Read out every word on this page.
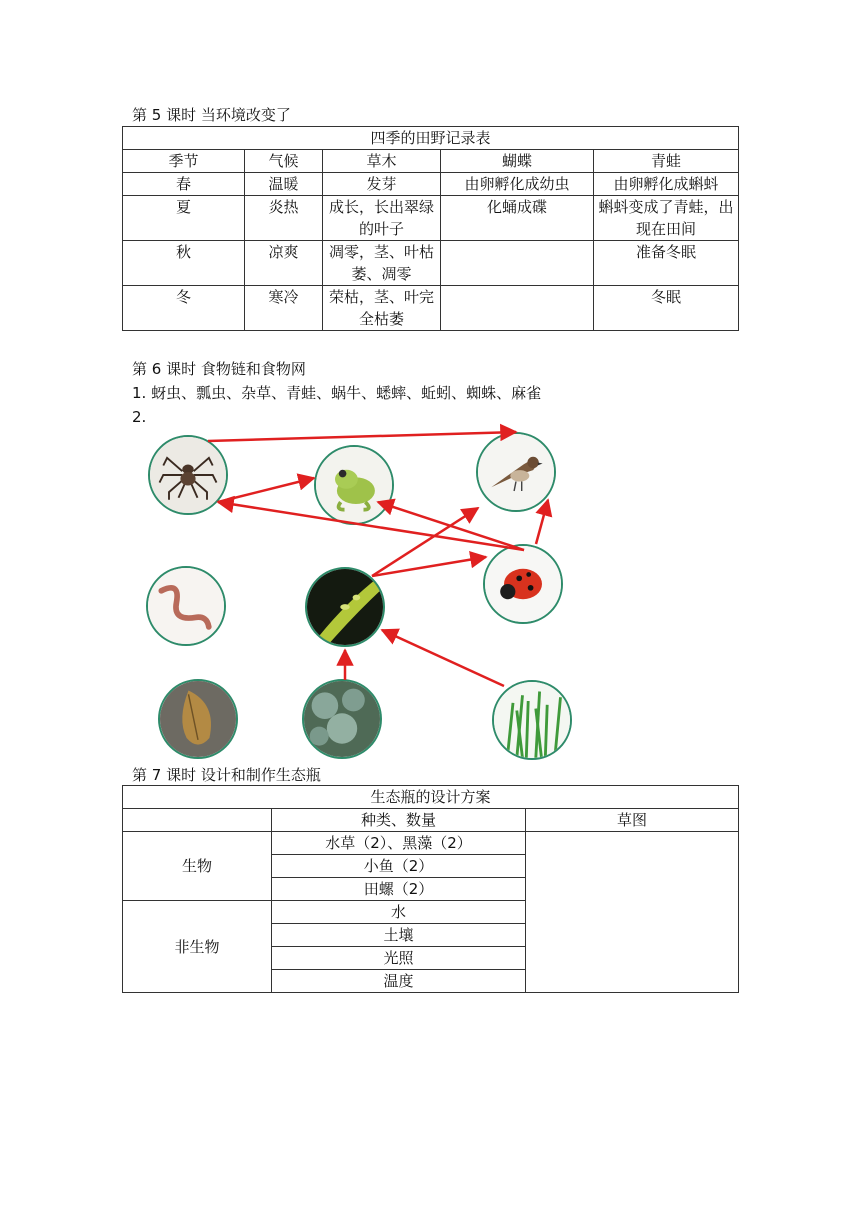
第 5 课时 当环境改变了
四季的田野记录表				
季节	气候	草木	蝴蝶	青蛙
春	温暖	发芽	由卵孵化成幼虫	由卵孵化成蝌蚪
夏	炎热	成长，长出翠绿的叶子	化蛹成碟	蝌蚪变成了青蛙，出现在田间
秋	凉爽	凋零，茎、叶枯萎、凋零		准备冬眠
冬	寒冷	荣枯，茎、叶完全枯萎		冬眠
第 6 课时 食物链和食物网
1. 蚜虫、瓢虫、杂草、青蛙、蜗牛、蟋蟀、蚯蚓、蜘蛛、麻雀
2.
第 7 课时 设计和制作生态瓶
生态瓶的设计方案		
	种类、数量	草图
生物	水草（2）、黑藻（2）	
	小鱼（2）	
	田螺（2）	
非生物	水	
	土壤	
	光照	
	温度	
